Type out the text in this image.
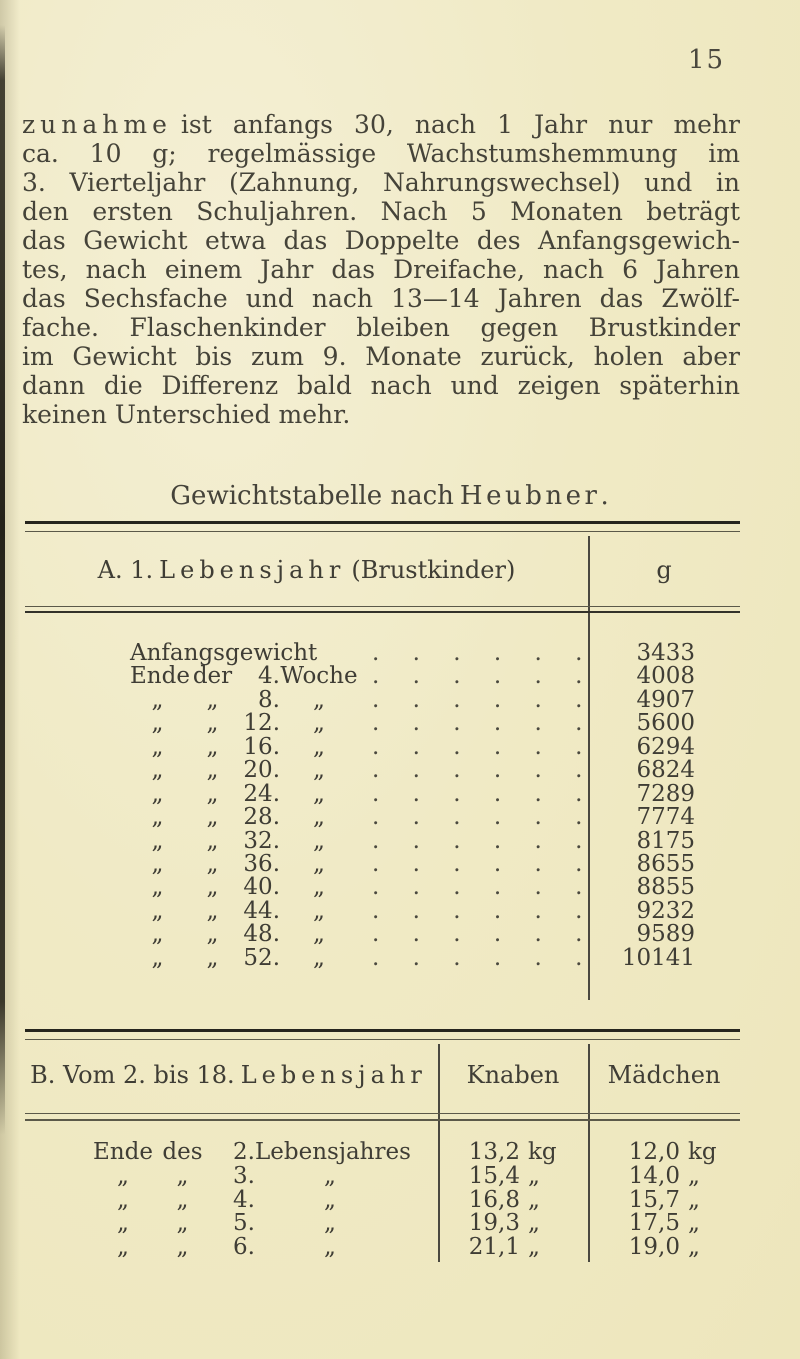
15
zunahme ist anfangs 30, nach 1 Jahr nur mehr
ca. 10 g; regelmässige Wachstumshemmung im
3. Vierteljahr (Zahnung, Nahrungswechsel) und in
den ersten Schuljahren. Nach 5 Monaten beträgt
das Gewicht etwa das Doppelte des Anfangsgewich-
tes, nach einem Jahr das Dreifache, nach 6 Jahren
das Sechsfache und nach 13—14 Jahren das Zwölf-
fache. Flaschenkinder bleiben gegen Brustkinder
im Gewicht bis zum 9. Monate zurück, holen aber
dann die Differenz bald nach und zeigen späterhin
keinen Unterschied mehr.
Gewichtstabelle nach Heubner.
A. 1. Lebensjahr (Brustkinder)	g
Anfangsgewicht . . . . . .	3433
Ende der	4. Woche . . . . . .	4008
„	„	8.	„	. . . . . .	4907
„	„	12.	„	. . . . . .	5600
„	„	16.	„	. . . . . .	6294
„	„	20.	„	. . . . . .	6824
„	„	24.	„	. . . . . .	7289
„	„	28.	„	. . . . . .	7774
„	„	32.	„	. . . . . .	8175
„	„	36.	„	. . . . . .	8655
„	„	40.	„	. . . . . .	8855
„	„	44.	„	. . . . . .	9232
„	„	48.	„	. . . . . .	9589
„	„	52.	„	. . . . . .	10141
B. Vom 2. bis 18. Lebensjahr	Knaben	Mädchen
Ende des	2. Lebensjahres	13,2 kg	12,0 kg
„	„	3.	„	15,4 „	14,0 „
„	„	4.	„	16,8 „	15,7 „
„	„	5.	„	19,3 „	17,5 „
„	„	6.	„	21,1 „	19,0 „
